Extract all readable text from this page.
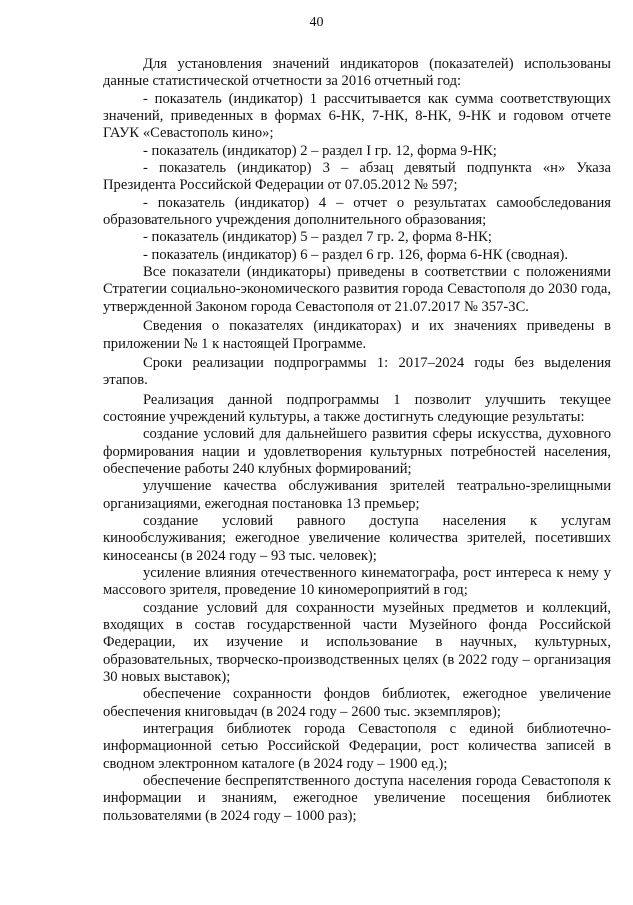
40

Для установления значений индикаторов (показателей) использованы данные статистической отчетности за 2016 отчетный год:

- показатель (индикатор) 1 рассчитывается как сумма соответствующих значений, приведенных в формах 6-НК, 7-НК, 8-НК, 9-НК и годовом отчете ГАУК «Севастополь кино»;

- показатель (индикатор) 2 – раздел I гр. 12, форма 9-НК;

- показатель (индикатор) 3 – абзац девятый подпункта «н» Указа Президента Российской Федерации от 07.05.2012 № 597;

- показатель (индикатор) 4 – отчет о результатах самообследования образовательного учреждения дополнительного образования;

- показатель (индикатор) 5 – раздел 7 гр. 2, форма 8-НК;

- показатель (индикатор) 6 – раздел 6 гр. 126, форма 6-НК (сводная).

Все показатели (индикаторы) приведены в соответствии с положениями Стратегии социально-экономического развития города Севастополя до 2030 года, утвержденной Законом города Севастополя от 21.07.2017 № 357-ЗС.

Сведения о показателях (индикаторах) и их значениях приведены в приложении № 1 к настоящей Программе.

Сроки реализации подпрограммы 1: 2017–2024 годы без выделения этапов.

Реализация данной подпрограммы 1 позволит улучшить текущее состояние учреждений культуры, а также достигнуть следующие результаты:

создание условий для дальнейшего развития сферы искусства, духовного формирования нации и удовлетворения культурных потребностей населения, обеспечение работы 240 клубных формирований;

улучшение качества обслуживания зрителей театрально-зрелищными организациями, ежегодная постановка 13 премьер;

создание условий равного доступа населения к услугам кинообслуживания; ежегодное увеличение количества зрителей, посетивших киносеансы (в 2024 году – 93 тыс. человек);

усиление влияния отечественного кинематографа, рост интереса к нему у массового зрителя, проведение 10 киномероприятий в год;

создание условий для сохранности музейных предметов и коллекций, входящих в состав государственной части Музейного фонда Российской Федерации, их изучение и использование в научных, культурных, образовательных, творческо-производственных целях (в 2022 году – организация 30 новых выставок);

обеспечение сохранности фондов библиотек, ежегодное увеличение обеспечения книговыдач (в 2024 году – 2600 тыс. экземпляров);

интеграция библиотек города Севастополя с единой библиотечно-информационной сетью Российской Федерации, рост количества записей в сводном электронном каталоге (в 2024 году – 1900 ед.);

обеспечение беспрепятственного доступа населения города Севастополя к информации и знаниям, ежегодное увеличение посещения библиотек пользователями (в 2024 году – 1000 раз);
